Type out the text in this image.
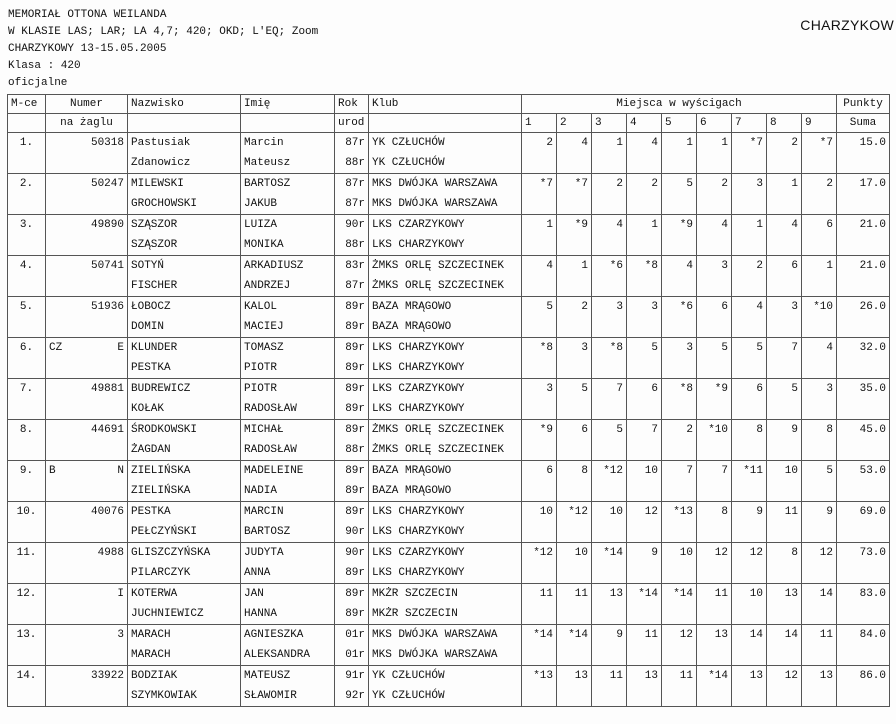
MEMORIAŁ OTTONA WEILANDA
W KLASIE LAS; LAR; LA 4,7; 420; OKD; L'EQ; Zoom
CHARZYKOWY 13-15.05.2005
Klasa : 420
oficjalne
CHARZYKOW
M-ce	Numer	Nazwisko	Imię	Rok	Klub	Miejsca w wyścigach									Punkty
	na żaglu			urod		1	2	3	4	5	6	7	8	9	Suma
1.	50318	Pastusiak	Marcin	87r	YK CZŁUCHÓW	2	4	1	4	1	1	*7	2	*7	15.0
		Zdanowicz	Mateusz	88r	YK CZŁUCHÓW										
2.	50247	MILEWSKI	BARTOSZ	87r	MKS DWÓJKA WARSZAWA	*7	*7	2	2	5	2	3	1	2	17.0
		GROCHOWSKI	JAKUB	87r	MKS DWÓJKA WARSZAWA										
3.	49890	SZĄSZOR	LUIZA	90r	LKS CZARZYKOWY	1	*9	4	1	*9	4	1	4	6	21.0
		SZĄSZOR	MONIKA	88r	LKS CHARZYKOWY										
4.	50741	SOTYŃ	ARKADIUSZ	83r	ŻMKS ORLĘ SZCZECINEK	4	1	*6	*8	4	3	2	6	1	21.0
		FISCHER	ANDRZEJ	87r	ŻMKS ORLĘ SZCZECINEK										
5.	51936	ŁOBOCZ	KALOL	89r	BAZA MRĄGOWO	5	2	3	3	*6	6	4	3	*10	26.0
		DOMIN	MACIEJ	89r	BAZA MRĄGOWO										
6.	CZ E	KLUNDER	TOMASZ	89r	LKS CHARZYKOWY	*8	3	*8	5	3	5	5	7	4	32.0
		PESTKA	PIOTR	89r	LKS CHARZYKOWY										
7.	49881	BUDREWICZ	PIOTR	89r	LKS CZARZYKOWY	3	5	7	6	*8	*9	6	5	3	35.0
		KOŁAK	RADOSŁAW	89r	LKS CHARZYKOWY										
8.	44691	ŚRODKOWSKI	MICHAŁ	89r	ŻMKS ORLĘ SZCZECINEK	*9	6	5	7	2	*10	8	9	8	45.0
		ŻAGDAN	RADOSŁAW	88r	ŻMKS ORLĘ SZCZECINEK										
9.	B N	ZIELIŃSKA	MADELEINE	89r	BAZA MRĄGOWO	6	8	*12	10	7	7	*11	10	5	53.0
		ZIELIŃSKA	NADIA	89r	BAZA MRĄGOWO										
10.	40076	PESTKA	MARCIN	89r	LKS CHARZYKOWY	10	*12	10	12	*13	8	9	11	9	69.0
		PEŁCZYŃSKI	BARTOSZ	90r	LKS CHARZYKOWY										
11.	4988	GLISZCZYŃSKA	JUDYTA	90r	LKS CZARZYKOWY	*12	10	*14	9	10	12	12	8	12	73.0
		PILARCZYK	ANNA	89r	LKS CHARZYKOWY										
12.	I	KOTERWA	JAN	89r	MKŻR SZCZECIN	11	11	13	*14	*14	11	10	13	14	83.0
		JUCHNIEWICZ	HANNA	89r	MKŻR SZCZECIN										
13.	3	MARACH	AGNIESZKA	01r	MKS DWÓJKA WARSZAWA	*14	*14	9	11	12	13	14	14	11	84.0
		MARACH	ALEKSANDRA	01r	MKS DWÓJKA WARSZAWA										
14.	33922	BODZIAK	MATEUSZ	91r	YK CZŁUCHÓW	*13	13	11	13	11	*14	13	12	13	86.0
		SZYMKOWIAK	SŁAWOMIR	92r	YK CZŁUCHÓW										
